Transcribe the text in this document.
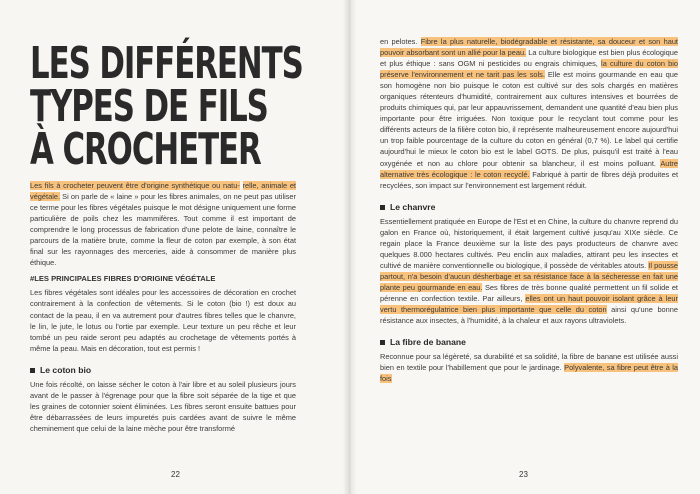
LES DIFFÉRENTS
TYPES DE FILS
À CROCHETER

Les fils à crocheter peuvent être d'origine synthétique ou natu- relle, animale et végétale. Si on parle de « laine » pour les fibres animales, on ne peut pas utiliser ce terme pour les fibres végétales puisque le mot désigne uniquement une forme particulière de poils chez les mammifères. Tout comme il est important de comprendre le long processus de fabrication d'une pelote de laine, connaître le parcours de la matière brute, comme la fleur de coton par exemple, à son état final sur les rayonnages des merceries, aide à consommer de manière plus éthique.

#LES PRINCIPALES FIBRES D'ORIGINE VÉGÉTALE

Les fibres végétales sont idéales pour les accessoires de décoration en crochet contrairement à la confection de vêtements. Si le coton (bio !) est doux au contact de la peau, il en va autrement pour d'autres fibres telles que le chanvre, le lin, le jute, le lotus ou l'ortie par exemple. Leur texture un peu rêche et leur tombé un peu raide seront peu adaptés au crochetage de vêtements portés à même la peau. Mais en décoration, tout est permis !

Le coton bio

Une fois récolté, on laisse sécher le coton à l'air libre et au soleil plusieurs jours avant de le passer à l'égrenage pour que la fibre soit séparée de la tige et que les graines de cotonnier soient éliminées. Les fibres seront ensuite battues pour être débarrassées de leurs impuretés puis cardées avant de suivre le même cheminement que celui de la laine mèche pour être transformé

22

en pelotes. Fibre la plus naturelle, biodégradable et résistante, sa douceur et son haut pouvoir absorbant sont un allié pour la peau. La culture biologique est bien plus écologique et plus éthique : sans OGM ni pesticides ou engrais chimiques, la culture du coton bio préserve l'environnement et ne tarit pas les sols. Elle est moins gourmande en eau que son homogène non bio puisque le coton est cultivé sur des sols chargés en matières organiques rétenteurs d'humidité, contrairement aux cultures intensives et bourrées de produits chimiques qui, par leur appauvrissement, demandent une quantité d'eau bien plus importante pour être irriguées. Non toxique pour le recyclant tout comme pour les différents acteurs de la filière coton bio, il représente malheureusement encore aujourd'hui un trop faible pourcentage de la culture du coton en général (0,7 %). Le label qui certifie aujourd'hui le mieux le coton bio est le label GOTS. De plus, puisqu'il est traité à l'eau oxygénée et non au chlore pour obtenir sa blancheur, il est moins polluant. Autre alternative très écologique : le coton recyclé. Fabriqué à partir de fibres déjà produites et recyclées, son impact sur l'environnement est largement réduit.

Le chanvre

Essentiellement pratiquée en Europe de l'Est et en Chine, la culture du chanvre reprend du galon en France où, historiquement, il était largement cultivé jusqu'au XIXe siècle. Ce regain place la France deuxième sur la liste des pays producteurs de chanvre avec quelques 8.000 hectares cultivés. Peu enclin aux maladies, attirant peu les insectes et cultivé de manière conventionnelle ou biologique, il possède de véritables atouts. Il pousse partout, n'a besoin d'aucun désherbage et sa résistance face à la sécheresse en fait une plante peu gourmande en eau. Ses fibres de très bonne qualité permettent un fil solide et pérenne en confection textile. Par ailleurs, elles ont un haut pouvoir isolant grâce à leur vertu thermorégulatrice bien plus importante que celle du coton ainsi qu'une bonne résistance aux insectes, à l'humidité, à la chaleur et aux rayons ultraviolets.

La fibre de banane

Reconnue pour sa légèreté, sa durabilité et sa solidité, la fibre de banane est utilisée aussi bien en textile pour l'habillement que pour le jardinage. Polyvalente, sa fibre peut être à la fois

23
